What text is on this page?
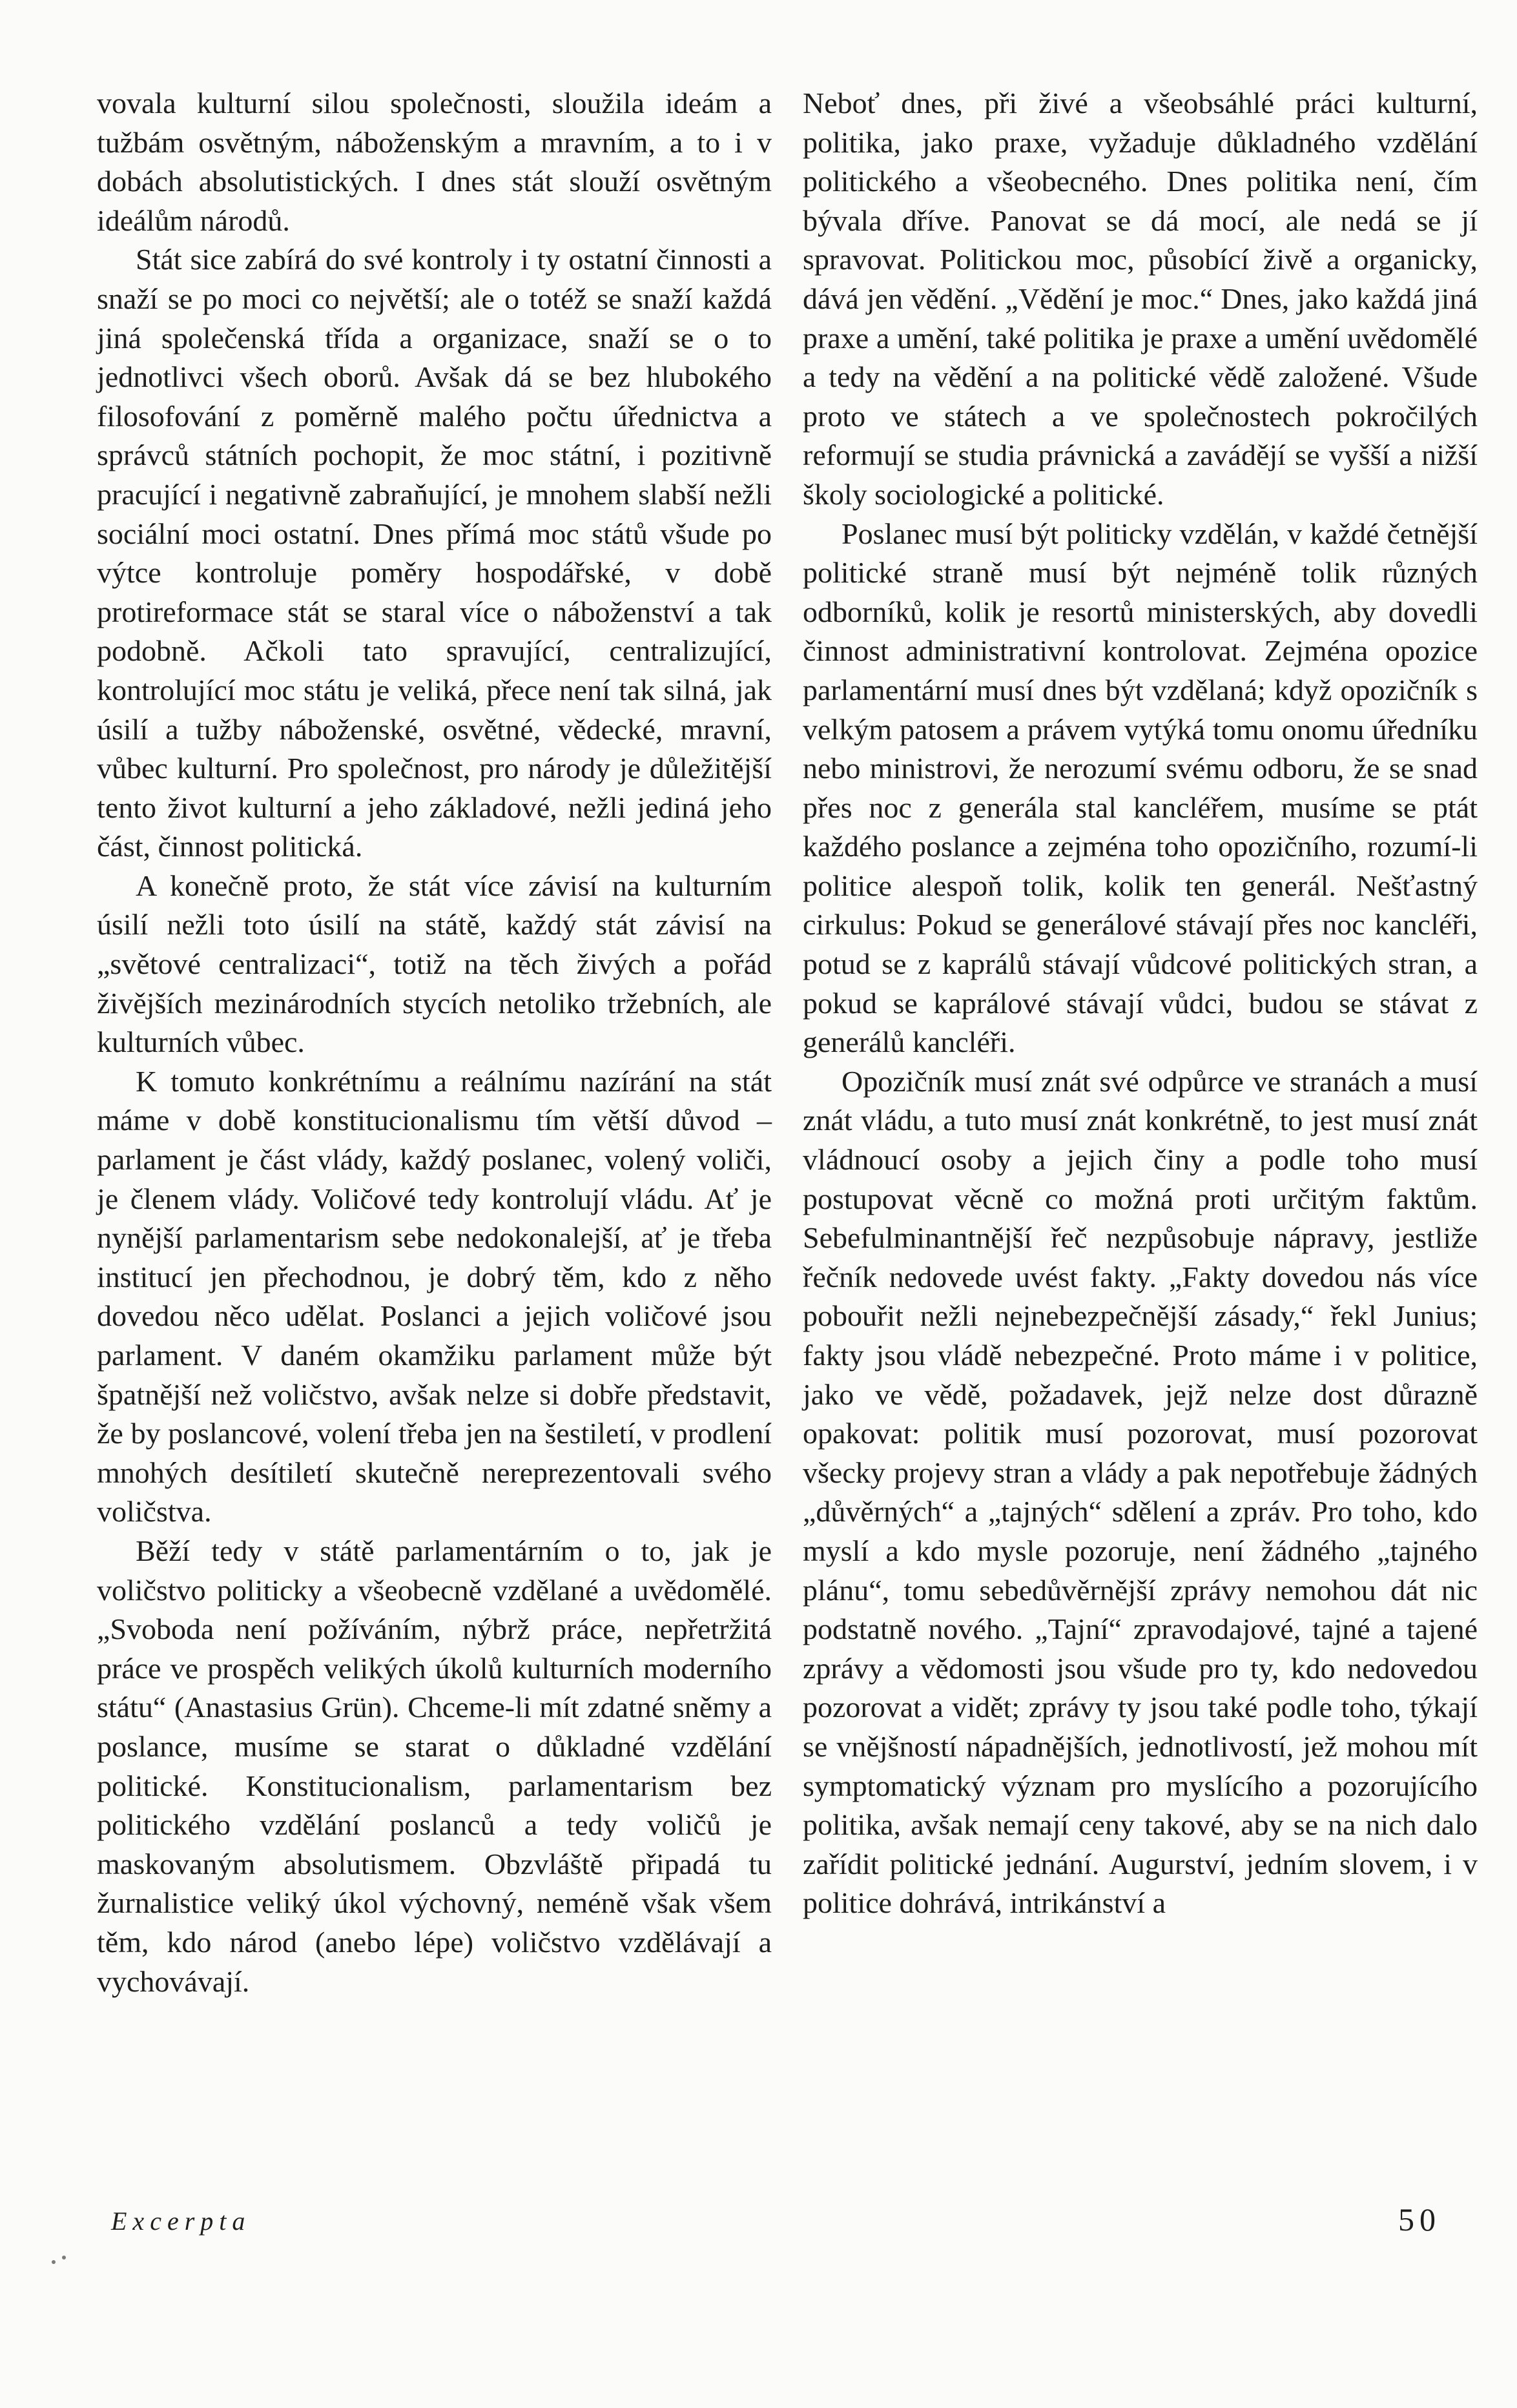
vovala kulturní silou společnosti, sloužila ideám a tužbám osvětným, náboženským a mravním, a to i v dobách absolutistických. I dnes stát slouží osvětným ideálům národů.

Stát sice zabírá do své kontroly i ty ostatní činnosti a snaží se po moci co největší; ale o totéž se snaží každá jiná společenská třída a organizace, snaží se o to jednotlivci všech oborů. Avšak dá se bez hlubokého filosofování z poměrně malého počtu úřednictva a správců státních pochopit, že moc státní, i pozitivně pracující i negativně zabraňující, je mnohem slabší nežli sociální moci ostatní. Dnes přímá moc států všude po výtce kontroluje poměry hospodářské, v době protireformace stát se staral více o náboženství a tak podobně. Ačkoli tato spravující, centralizující, kontrolující moc státu je veliká, přece není tak silná, jak úsilí a tužby náboženské, osvětné, vědecké, mravní, vůbec kulturní. Pro společnost, pro národy je důležitější tento život kulturní a jeho základové, nežli jediná jeho část, činnost politická.

A konečně proto, že stát více závisí na kulturním úsilí nežli toto úsilí na státě, každý stát závisí na „světové centralizaci“, totiž na těch živých a pořád živějších mezinárodních stycích netoliko tržebních, ale kulturních vůbec.

K tomuto konkrétnímu a reálnímu nazírání na stát máme v době konstitucionalismu tím větší důvod – parlament je část vlády, každý poslanec, volený voliči, je členem vlády. Voličové tedy kontrolují vládu. Ať je nynější parlamentarism sebe nedokonalejší, ať je třeba institucí jen přechodnou, je dobrý těm, kdo z něho dovedou něco udělat. Poslanci a jejich voličové jsou parlament. V daném okamžiku parlament může být špatnější než voličstvo, avšak nelze si dobře představit, že by poslancové, volení třeba jen na šestiletí, v prodlení mnohých desítiletí skutečně nereprezentovali svého voličstva.

Běží tedy v státě parlamentárním o to, jak je voličstvo politicky a všeobecně vzdělané a uvědomělé. „Svoboda není požíváním, nýbrž práce, nepřetržitá práce ve prospěch velikých úkolů kulturních moderního státu“ (Anastasius Grün). Chceme-li mít zdatné sněmy a poslance, musíme se starat o důkladné vzdělání politické. Konstitucionalism, parlamentarism bez politického vzdělání poslanců a tedy voličů je maskovaným absolutismem. Obzvláště připadá tu žurnalistice veliký úkol výchovný, neméně však všem těm, kdo národ (anebo lépe) voličstvo vzdělávají a vychovávají.

Neboť dnes, při živé a všeobsáhlé práci kulturní, politika, jako praxe, vyžaduje důkladného vzdělání politického a všeobecného. Dnes politika není, čím bývala dříve. Panovat se dá mocí, ale nedá se jí spravovat. Politickou moc, působící živě a organicky, dává jen vědění. „Vědění je moc.“ Dnes, jako každá jiná praxe a umění, také politika je praxe a umění uvědomělé a tedy na vědění a na politické vědě založené. Všude proto ve státech a ve společnostech pokročilých reformují se studia právnická a zavádějí se vyšší a nižší školy sociologické a politické.

Poslanec musí být politicky vzdělán, v každé četnější politické straně musí být nejméně tolik různých odborníků, kolik je resortů ministerských, aby dovedli činnost administrativní kontrolovat. Zejména opozice parlamentární musí dnes být vzdělaná; když opozičník s velkým patosem a právem vytýká tomu onomu úředníku nebo ministrovi, že nerozumí svému odboru, že se snad přes noc z generála stal kancléřem, musíme se ptát každého poslance a zejména toho opozičního, rozumí-li politice alespoň tolik, kolik ten generál. Nešťastný cirkulus: Pokud se generálové stávají přes noc kancléři, potud se z kaprálů stávají vůdcové politických stran, a pokud se kaprálové stávají vůdci, budou se stávat z generálů kancléři.

Opozičník musí znát své odpůrce ve stranách a musí znát vládu, a tuto musí znát konkrétně, to jest musí znát vládnoucí osoby a jejich činy a podle toho musí postupovat věcně co možná proti určitým faktům. Sebefulminantnější řeč nezpůsobuje nápravy, jestliže řečník nedovede uvést fakty. „Fakty dovedou nás více pobouřit nežli nejnebezpečnější zásady,“ řekl Junius; fakty jsou vládě nebezpečné. Proto máme i v politice, jako ve vědě, požadavek, jejž nelze dost důrazně opakovat: politik musí pozorovat, musí pozorovat všecky projevy stran a vlády a pak nepotřebuje žádných „důvěrných“ a „tajných“ sdělení a zpráv. Pro toho, kdo myslí a kdo mysle pozoruje, není žádného „tajného plánu“, tomu sebedůvěrnější zprávy nemohou dát nic podstatně nového. „Tajní“ zpravodajové, tajné a tajené zprávy a vědomosti jsou všude pro ty, kdo nedovedou pozorovat a vidět; zprávy ty jsou také podle toho, týkají se vnějšností nápadnějších, jednotlivostí, jež mohou mít symptomatický význam pro myslícího a pozorujícího politika, avšak nemají ceny takové, aby se na nich dalo zařídit politické jednání. Augurství, jedním slovem, i v politice dohrává, intrikánství a

Excerpta	50
